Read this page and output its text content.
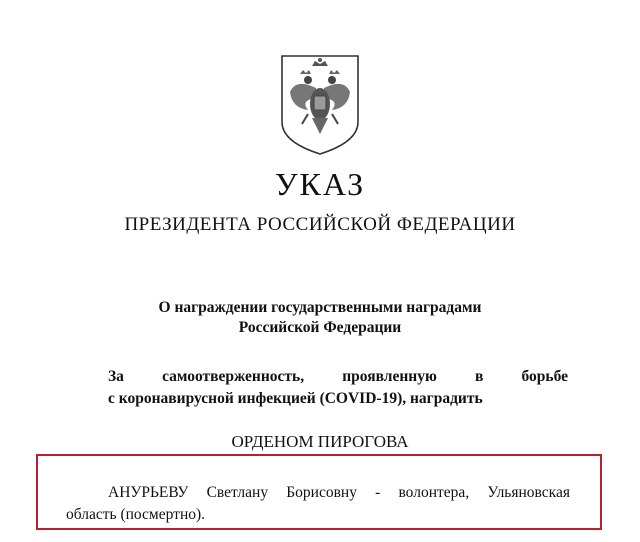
УКАЗ
ПРЕЗИДЕНТА РОССИЙСКОЙ ФЕДЕРАЦИИ
О награждении государственными наградами
Российской Федерации
За самоотверженность, проявленную в борьбе
с коронавирусной инфекцией (COVID-19), наградить
ОРДЕНОМ ПИРОГОВА
АНУРЬЕВУ Светлану Борисовну - волонтера, Ульяновская
область (посмертно).
